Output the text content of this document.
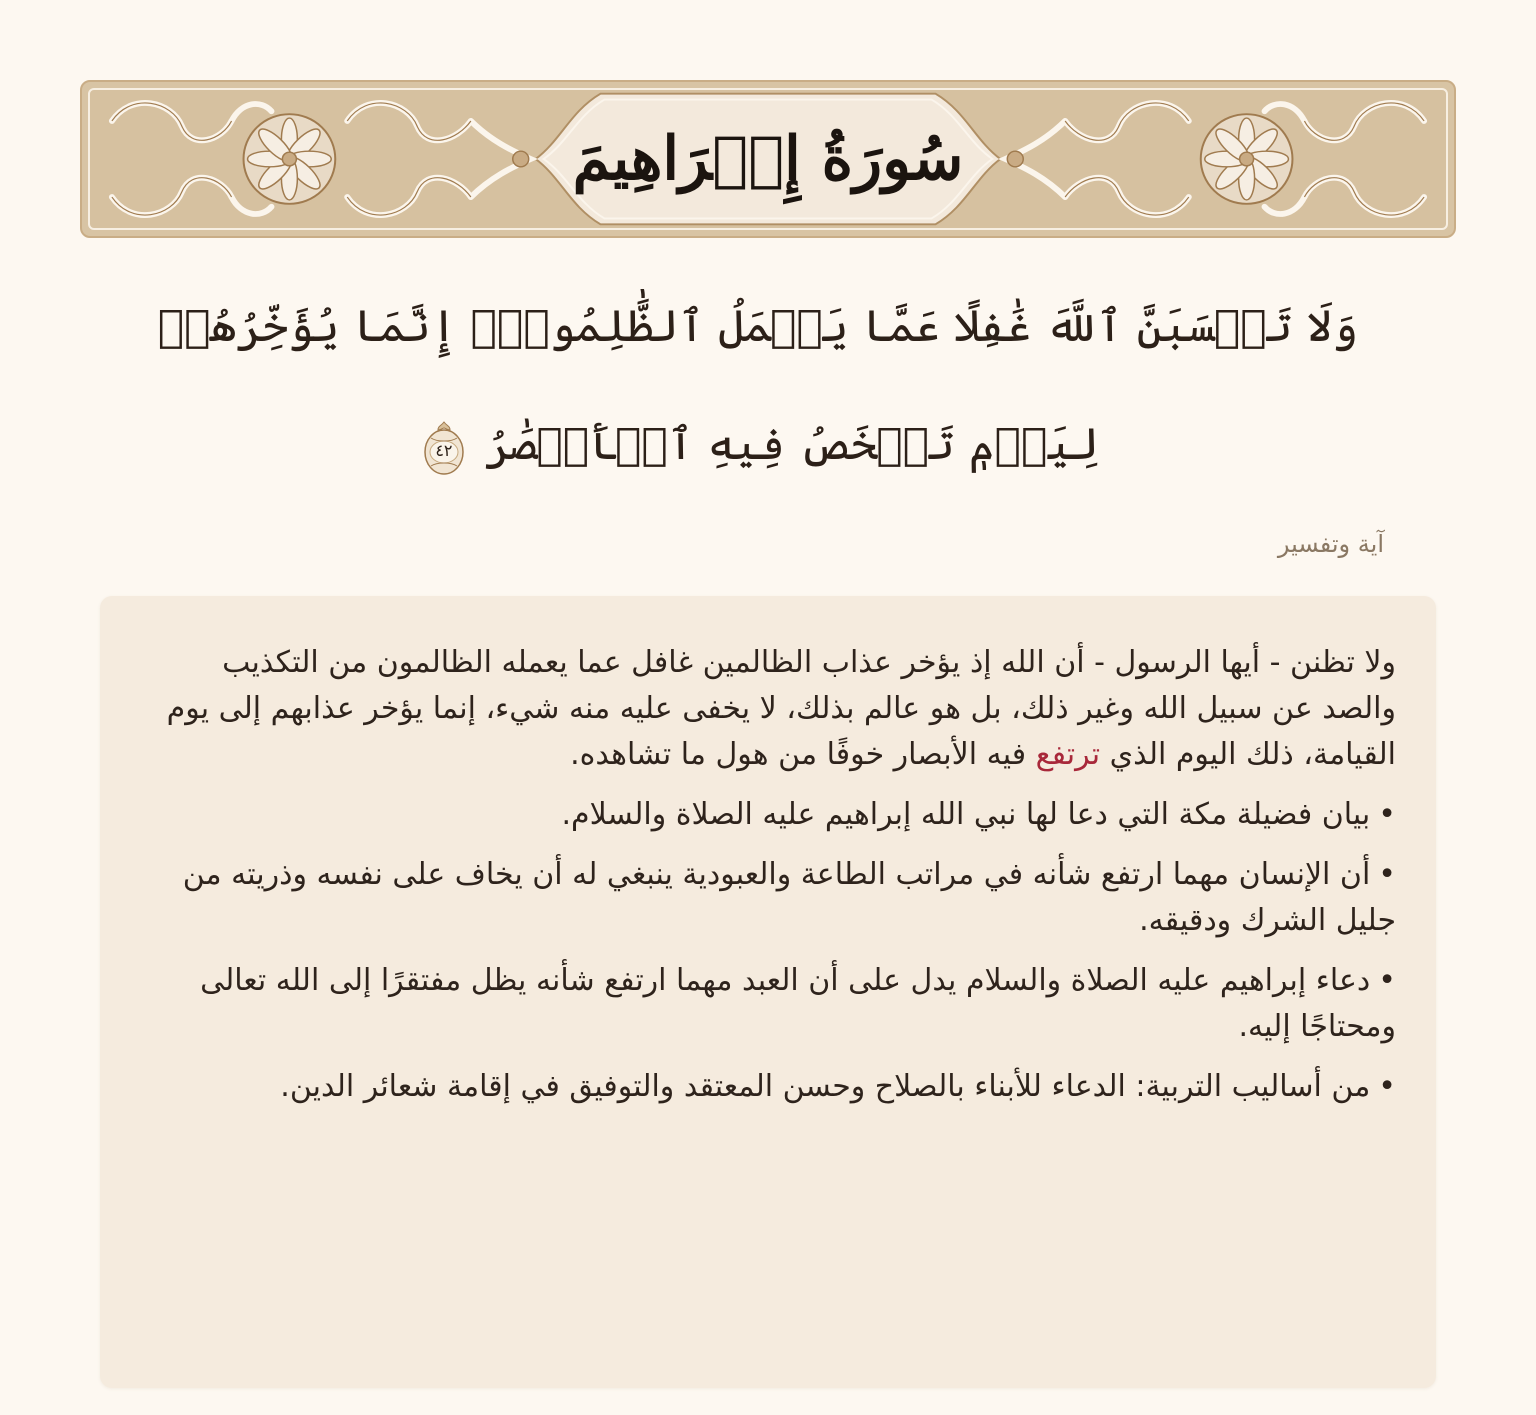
سُورَةُ إِبۡرَاهِيمَ
وَلَا تَحۡسَبَنَّ ٱللَّهَ غَٰفِلًا عَمَّا يَعۡمَلُ ٱلظَّٰلِمُونَۚ إِنَّمَا يُؤَخِّرُهُمۡ لِيَوۡمٖ تَشۡخَصُ فِيهِ ٱلۡأَبۡصَٰرُ
٤٢
آية وتفسير

ولا تظنن - أيها الرسول - أن الله إذ يؤخر عذاب الظالمين غافل عما يعمله الظالمون من التكذيب والصد عن سبيل الله وغير ذلك، بل هو عالم بذلك، لا يخفى عليه منه شيء، إنما يؤخر عذابهم إلى يوم القيامة، ذلك اليوم الذي ترتفع فيه الأبصار خوفًا من هول ما تشاهده.

•بيان فضيلة مكة التي دعا لها نبي الله إبراهيم عليه الصلاة والسلام.

•أن الإنسان مهما ارتفع شأنه في مراتب الطاعة والعبودية ينبغي له أن يخاف على نفسه وذريته من جليل الشرك ودقيقه.

•دعاء إبراهيم عليه الصلاة والسلام يدل على أن العبد مهما ارتفع شأنه يظل مفتقرًا إلى الله تعالى ومحتاجًا إليه.

•من أساليب التربية: الدعاء للأبناء بالصلاح وحسن المعتقد والتوفيق في إقامة شعائر الدين.
